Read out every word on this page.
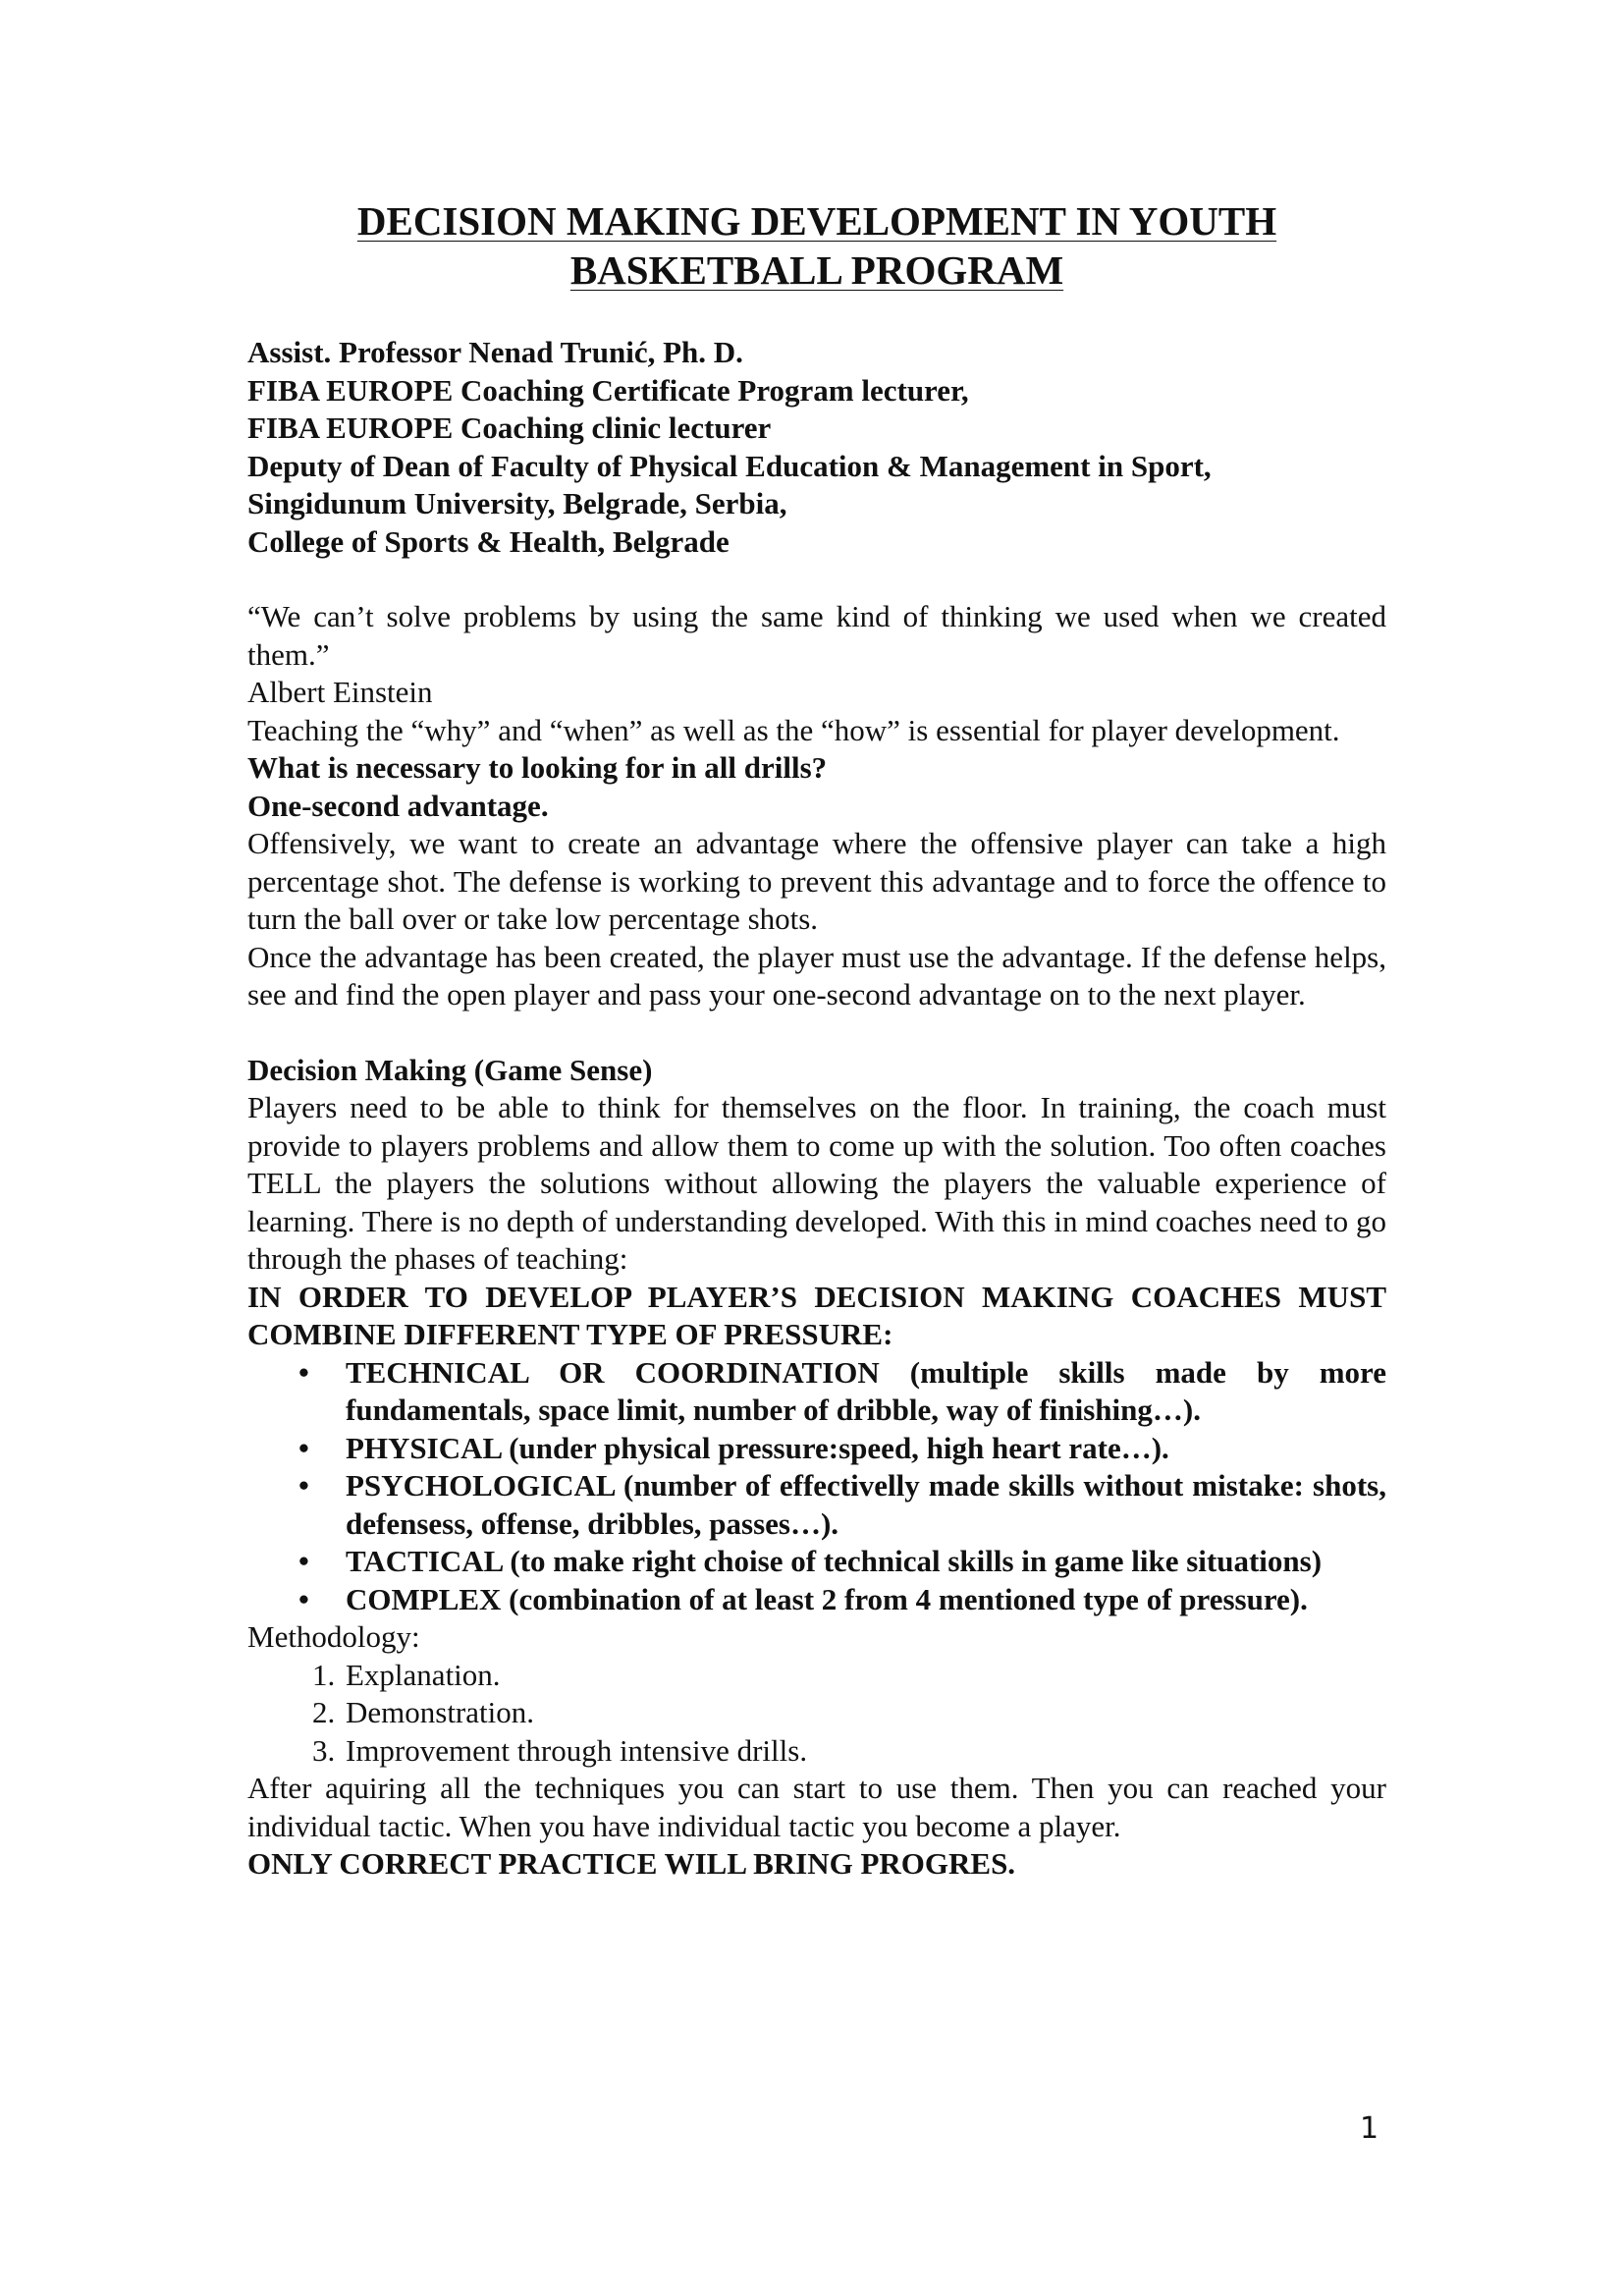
DECISION MAKING DEVELOPMENT IN YOUTH
BASKETBALL PROGRAM
Assist. Professor Nenad Trunić, Ph. D.
FIBA EUROPE Coaching Certificate Program lecturer,
FIBA EUROPE Coaching clinic lecturer
Deputy of Dean of Faculty of Physical Education & Management in Sport,
Singidunum University, Belgrade, Serbia,
College of Sports & Health, Belgrade

“We can’t solve problems by using the same kind of thinking we used when we created them.”

Albert Einstein

Teaching the “why” and “when” as well as the “how” is essential for player development.

What is necessary to looking for in all drills?

One-second advantage.

Offensively, we want to create an advantage where the offensive player can take a high percentage shot. The defense is working to prevent this advantage and to force the offence to turn the ball over or take low percentage shots.

Once the advantage has been created, the player must use the advantage. If the defense helps, see and find the open player and pass your one-second advantage on to the next player.

Decision Making (Game Sense)

Players need to be able to think for themselves on the floor. In training, the coach must provide to players problems and allow them to come up with the solution. Too often coaches TELL the players the solutions without allowing the players the valuable experience of learning. There is no depth of understanding developed. With this in mind coaches need to go through the phases of teaching:

IN ORDER TO DEVELOP PLAYER’S DECISION MAKING COACHES MUST COMBINE DIFFERENT TYPE OF PRESSURE:

• TECHNICAL OR COORDINATION (multiple skills made by more fundamentals, space limit, number of dribble, way of finishing…).
• PHYSICAL (under physical pressure:speed, high heart rate…).
• PSYCHOLOGICAL (number of effectivelly made skills without mistake: shots, defensess, offense, dribbles, passes…).
• TACTICAL (to make right choise of technical skills in game like situations)
• COMPLEX (combination of at least 2 from 4 mentioned type of pressure).

Methodology:

1. Explanation.
2. Demonstration.
3. Improvement through intensive drills.

After aquiring all the techniques you can start to use them. Then you can reached your individual tactic. When you have individual tactic you become a player.

ONLY CORRECT PRACTICE WILL BRING PROGRES.

1
